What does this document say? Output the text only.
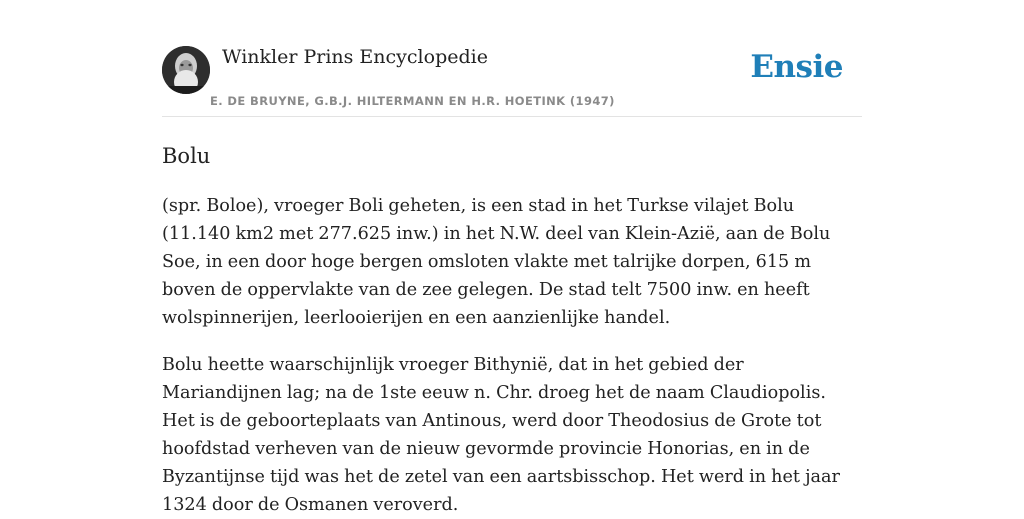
Winkler Prins Encyclopedie
E. DE BRUYNE, G.B.J. HILTERMANN EN H.R. HOETINK (1947)
Ensie
Bolu

(spr. Boloe), vroeger Boli geheten, is een stad in het Turkse vilajet Bolu (11.140 km2 met 277.625 inw.) in het N.W. deel van Klein-Azië, aan de Bolu Soe, in een door hoge bergen omsloten vlakte met talrijke dorpen, 615 m boven de oppervlakte van de zee gelegen. De stad telt 7500 inw. en heeft wolspinnerijen, leerlooierijen en een aanzienlijke handel.

Bolu heette waarschijnlijk vroeger Bithynië, dat in het gebied der Mariandijnen lag; na de 1ste eeuw n. Chr. droeg het de naam Claudiopolis. Het is de geboorteplaats van Antinous, werd door Theodosius de Grote tot hoofdstad verheven van de nieuw gevormde provincie Honorias, en in de Byzantijnse tijd was het de zetel van een aartsbisschop. Het werd in het jaar 1324 door de Osmanen veroverd.
